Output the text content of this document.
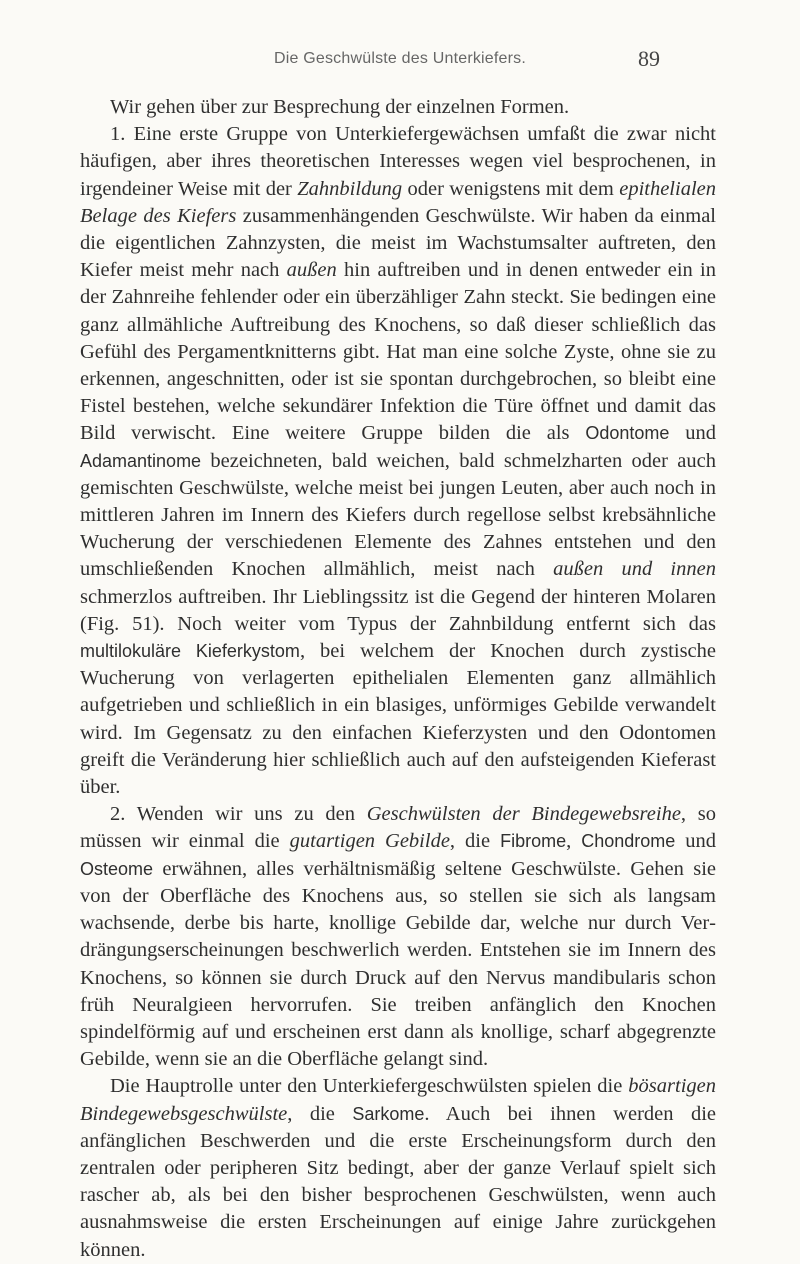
Die Geschwülste des Unterkiefers.	89

Wir gehen über zur Besprechung der einzelnen Formen.

1. Eine erste Gruppe von Unterkiefergewächsen umfaßt die zwar nicht häufigen, aber ihres theoretischen Interesses wegen viel besprochenen, in irgendeiner Weise mit der Zahnbildung oder wenigstens mit dem epithelialen Belage des Kiefers zusammenhängenden Geschwülste. Wir haben da einmal die eigentlichen Zahnzysten, die meist im Wachstumsalter auftreten, den Kiefer meist mehr nach außen hin auftreiben und in denen entweder ein in der Zahnreihe fehlender oder ein überzähliger Zahn steckt. Sie bedingen eine ganz allmähliche Auftreibung des Knochens, so daß dieser schließlich das Gefühl des Pergamentknitterns gibt. Hat man eine solche Zyste, ohne sie zu erkennen, angeschnitten, oder ist sie spontan durchgebrochen, so bleibt eine Fistel bestehen, welche sekundärer Infektion die Türe öffnet und damit das Bild verwischt. Eine weitere Gruppe bilden die als Odontome und Adamantinome bezeichneten, bald weichen, bald schmelzharten oder auch gemischten Geschwülste, welche meist bei jungen Leuten, aber auch noch in mittleren Jahren im Innern des Kiefers durch regellose selbst krebsähnliche Wucherung der verschiedenen Elemente des Zahnes entstehen und den umschließenden Knochen allmählich, meist nach außen und innen schmerzlos auftreiben. Ihr Lieblingssitz ist die Gegend der hinteren Molaren (Fig. 51). Noch weiter vom Typus der Zahnbildung entfernt sich das multilokuläre Kieferkystom, bei welchem der Knochen durch zystische Wucherung von verlagerten epithelialen Elementen ganz allmählich aufgetrieben und schließlich in ein blasiges, unförmiges Gebilde verwandelt wird. Im Gegensatz zu den einfachen Kieferzysten und den Odontomen greift die Veränderung hier schließlich auch auf den aufsteigenden Kieferast über.

2. Wenden wir uns zu den Geschwülsten der Bindegewebsreihe, so müssen wir einmal die gutartigen Gebilde, die Fibrome, Chondrome und Osteome erwähnen, alles verhältnismäßig seltene Geschwülste. Gehen sie von der Oberfläche des Knochens aus, so stellen sie sich als langsam wachsende, derbe bis harte, knollige Gebilde dar, welche nur durch Verdrängungserscheinungen beschwerlich werden. Entstehen sie im Innern des Knochens, so können sie durch Druck auf den Nervus mandibularis schon früh Neuralgieen hervorrufen. Sie treiben anfänglich den Knochen spindelförmig auf und erscheinen erst dann als knollige, scharf abgegrenzte Gebilde, wenn sie an die Oberfläche gelangt sind.

Die Hauptrolle unter den Unterkiefergeschwülsten spielen die bösartigen Bindegewebsgeschwülste, die Sarkome. Auch bei ihnen werden die anfänglichen Beschwerden und die erste Erscheinungsform durch den zentralen oder peripheren Sitz bedingt, aber der ganze Verlauf spielt sich rascher ab, als bei den bisher besprochenen Geschwülsten, wenn auch ausnahmsweise die ersten Erscheinungen auf einige Jahre zurückgehen können.
